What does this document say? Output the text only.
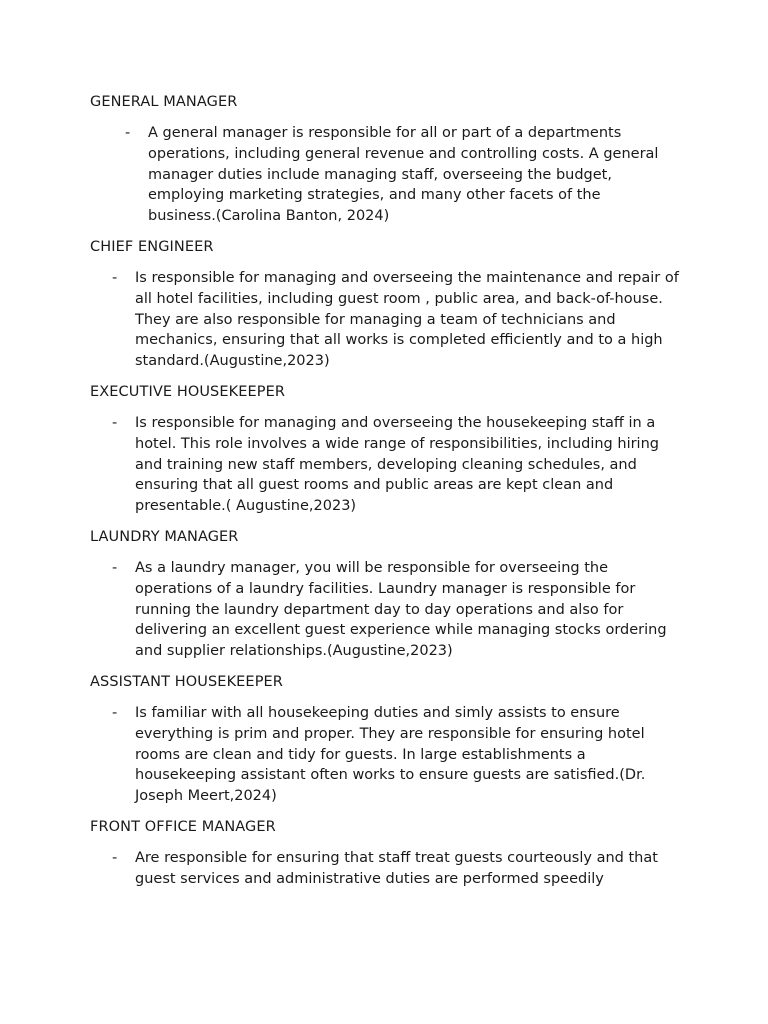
GENERAL MANAGER
- A general manager is responsible for all or part of a departments operations, including general revenue and controlling costs. A general manager duties include managing staff, overseeing the budget, employing marketing strategies, and many other facets of the business.(Carolina Banton, 2024)
CHIEF ENGINEER
- Is responsible for managing and overseeing the maintenance and repair of all hotel facilities, including guest room , public area, and back-of-house. They are also responsible for managing a team of technicians and mechanics, ensuring that all works is completed efficiently and to a high standard.(Augustine,2023)
EXECUTIVE HOUSEKEEPER
- Is responsible for managing and overseeing the housekeeping staff in a hotel. This role involves a wide range of responsibilities, including hiring and training new staff members, developing cleaning schedules, and ensuring that all guest rooms and public areas are kept clean and presentable.( Augustine,2023)
LAUNDRY MANAGER
- As a laundry manager, you will be responsible for overseeing the operations of a laundry facilities. Laundry manager is responsible for running the laundry department day to day operations and also for delivering an excellent guest experience while managing stocks ordering and supplier relationships.(Augustine,2023)
ASSISTANT HOUSEKEEPER
- Is familiar with all housekeeping duties and simly assists to ensure everything is prim and proper. They are responsible for ensuring hotel rooms are clean and tidy for guests. In large establishments a housekeeping assistant often works to ensure guests are satisfied.(Dr. Joseph Meert,2024)
FRONT OFFICE MANAGER
- Are responsible for ensuring that staff treat guests courteously and that guest services and administrative duties are performed speedily
